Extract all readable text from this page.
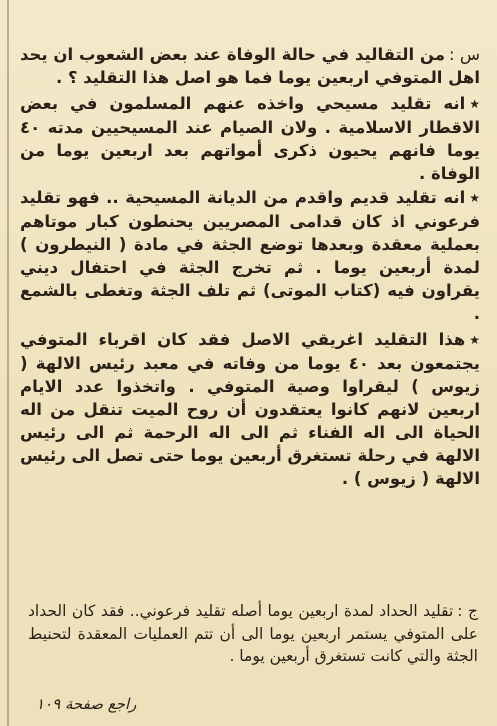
س :من التقاليد في حالة الوفاة عند بعض الشعوب ان يحد اهل المتوفي اربعين يوما فما هو اصل هذا التقليد ؟ .

★انه تقليد مسيحي واخذه عنهم المسلمون في بعض الاقطار الاسلامية . ولان الصيام عند المسيحيين مدته ٤٠ يوما فانهم يحيون ذكرى أمواتهم بعد اربعين يوما من الوفاة .

★انه تقليد قديم واقدم من الديانة المسيحية .. فهو تقليد فرعوني اذ كان قدامى المصريين يحنطون كبار موتاهم بعملية معقدة وبعدها توضع الجثة في مادة ( النيطرون ) لمدة أربعين يوما . ثم تخرج الجثة في احتفال ديني يقراون فيه (كتاب الموتى) ثم تلف الجثة وتغطى بالشمع .

★هذا التقليد اغريقي الاصل فقد كان اقرباء المتوفي يجتمعون بعد ٤٠ يوما من وفاته في معبد رئيس الالهة ( زيوس ) ليقراوا وصية المتوفي . واتخذوا عدد الايام اربعين لانهم كانوا يعتقدون أن روح الميت تنقل من اله الحياة الى اله الفناء ثم الى اله الرحمة ثم الى رئيس الالهة في رحلة تستغرق أربعين يوما حتى تصل الى رئيس الالهة ( زيوس ) .

ج :تقليد الحداد لمدة اربعين يوما أصله تقليد فرعوني.. فقد كان الحداد على المتوفي يستمر اربعين يوما الى أن تتم العمليات المعقدة لتحنيط الجثة والتي كانت تستغرق أربعين يوما .

راجع صفحة ١٠٩
